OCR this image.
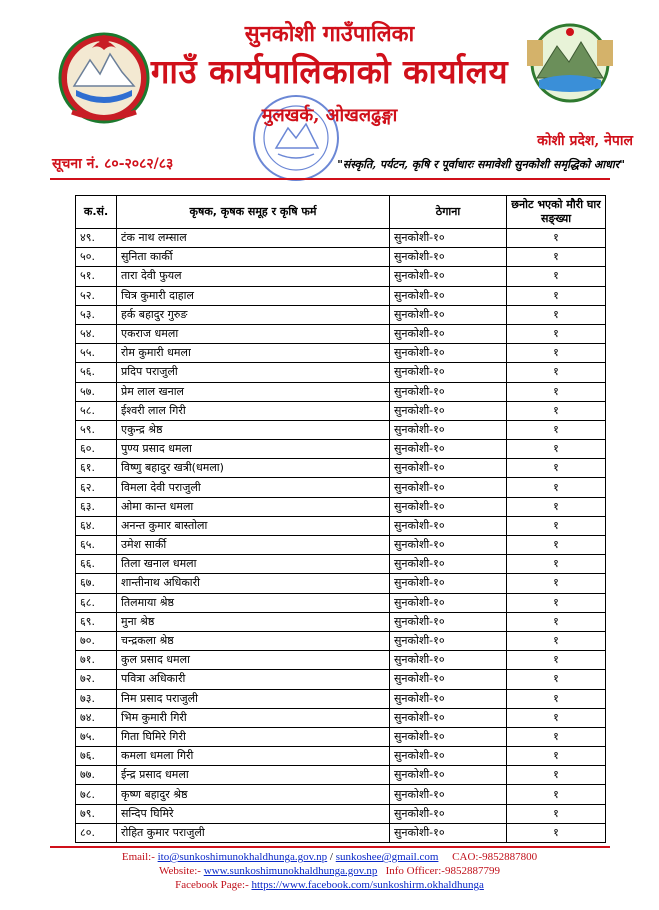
सुनकोशी गाउँपालिका
गाउँ कार्यपालिकाको कार्यालय
मुलखर्क, ओखलढुङ्गा
कोशी प्रदेश, नेपाल
सूचना नं. ८०-२०८२/८३	"संस्कृति, पर्यटन, कृषि र पूर्वाधारः समावेशी सुनकोशी समृद्धिको आधार"
क.सं.	कृषक, कृषक समूह र कृषि फर्म	ठेगाना	छनोट भएको मौरी घार सङ्ख्या
४९.	टंक नाथ लम्साल	सुनकोशी-१०	१
५०.	सुनिता कार्की	सुनकोशी-१०	१
५१.	तारा देवी फुयल	सुनकोशी-१०	१
५२.	चित्र कुमारी दाहाल	सुनकोशी-१०	१
५३.	हर्क बहादुर गुरुङ	सुनकोशी-१०	१
५४.	एकराज धमला	सुनकोशी-१०	१
५५.	रोम कुमारी धमला	सुनकोशी-१०	१
५६.	प्रदिप पराजुली	सुनकोशी-१०	१
५७.	प्रेम लाल खनाल	सुनकोशी-१०	१
५८.	ईश्वरी लाल गिरी	सुनकोशी-१०	१
५९.	एकुन्द्र श्रेष्ठ	सुनकोशी-१०	१
६०.	पुण्य प्रसाद धमला	सुनकोशी-१०	१
६१.	विष्णु बहादुर खत्री(धमला)	सुनकोशी-१०	१
६२.	विमला देवी पराजुली	सुनकोशी-१०	१
६३.	ओमा कान्त धमला	सुनकोशी-१०	१
६४.	अनन्त कुमार बास्तोला	सुनकोशी-१०	१
६५.	उमेश सार्की	सुनकोशी-१०	१
६६.	तिला खनाल धमला	सुनकोशी-१०	१
६७.	शान्तीनाथ अधिकारी	सुनकोशी-१०	१
६८.	तिलमाया श्रेष्ठ	सुनकोशी-१०	१
६९.	मुना श्रेष्ठ	सुनकोशी-१०	१
७०.	चन्द्रकला श्रेष्ठ	सुनकोशी-१०	१
७१.	कुल प्रसाद धमला	सुनकोशी-१०	१
७२.	पवित्रा अधिकारी	सुनकोशी-१०	१
७३.	निम प्रसाद पराजुली	सुनकोशी-१०	१
७४.	भिम कुमारी गिरी	सुनकोशी-१०	१
७५.	गिता घिमिरे गिरी	सुनकोशी-१०	१
७६.	कमला धमला गिरी	सुनकोशी-१०	१
७७.	ईन्द्र प्रसाद धमला	सुनकोशी-१०	१
७८.	कृष्ण बहादुर श्रेष्ठ	सुनकोशी-१०	१
७९.	सन्दिप घिमिरे	सुनकोशी-१०	१
८०.	रोहित कुमार पराजुली	सुनकोशी-१०	१
Email:- ito@sunkoshimunokhaldhunga.gov.np / sunkoshee@gmail.com CAO:-9852887800
Website:- www.sunkoshimunokhaldhunga.gov.np Info Officer:-9852887799
Facebook Page:- https://www.facebook.com/sunkoshirm.okhaldhunga
